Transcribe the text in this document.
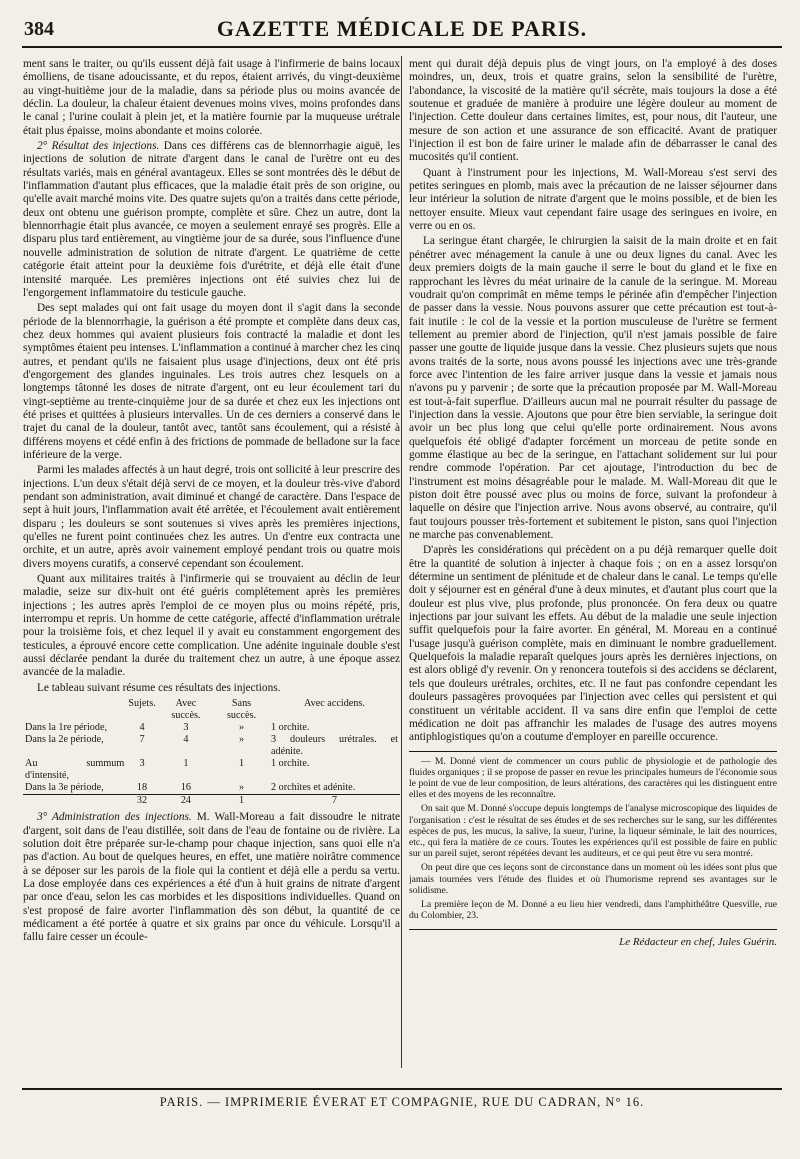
384	GAZETTE MÉDICALE DE PARIS.

ment sans le traiter, ou qu'ils eussent déjà fait usage à l'infirmerie de bains locaux émolliens, de tisane adoucissante, et du repos, étaient arrivés, du vingt-deuxième au vingt-huitième jour de la maladie, dans sa période plus ou moins avancée de déclin. La douleur, la chaleur étaient devenues moins vives, moins profondes dans le canal ; l'urine coulait à plein jet, et la matière fournie par la muqueuse urétrale était plus épaisse, moins abondante et moins colorée.

2° Résultat des injections. Dans ces différens cas de blennorrhagie aiguë, les injections de solution de nitrate d'argent dans le canal de l'urètre ont eu des résultats variés, mais en général avantageux. Elles se sont montrées dès le début de l'inflammation d'autant plus efficaces, que la maladie était près de son origine, ou qu'elle avait marché moins vite. Des quatre sujets qu'on a traités dans cette période, deux ont obtenu une guérison prompte, complète et sûre. Chez un autre, dont la blennorrhagie était plus avancée, ce moyen a seulement enrayé ses progrès. Elle a disparu plus tard entièrement, au vingtième jour de sa durée, sous l'influence d'une nouvelle administration de solution de nitrate d'argent. Le quatrième de cette catégorie était atteint pour la deuxième fois d'urétrite, et déjà elle était d'une intensité marquée. Les premières injections ont été suivies chez lui de l'engorgement inflammatoire du testicule gauche.

Des sept malades qui ont fait usage du moyen dont il s'agit dans la seconde période de la blennorrhagie, la guérison a été prompte et complète dans deux cas, chez deux hommes qui avaient plusieurs fois contracté la maladie et dont les symptômes étaient peu intenses. L'inflammation a continué à marcher chez les cinq autres, et pendant qu'ils ne faisaient plus usage d'injections, deux ont été pris d'engorgement des glandes inguinales. Les trois autres chez lesquels on a longtemps tâtonné les doses de nitrate d'argent, ont eu leur écoulement tari du vingt-septième au trente-cinquième jour de sa durée et chez eux les injections ont été prises et quittées à plusieurs intervalles. Un de ces derniers a conservé dans le trajet du canal de la douleur, tantôt avec, tantôt sans écoulement, qui a résisté à différens moyens et cédé enfin à des frictions de pommade de belladone sur la face inférieure de la verge.

Parmi les malades affectés à un haut degré, trois ont sollicité à leur prescrire des injections. L'un deux s'était déjà servi de ce moyen, et la douleur très-vive d'abord pendant son administration, avait diminué et changé de caractère. Dans l'espace de sept à huit jours, l'inflammation avait été arrêtée, et l'écoulement avait entièrement disparu ; les douleurs se sont soutenues si vives après les premières injections, qu'elles ne furent point continuées chez les autres. Un d'entre eux contracta une orchite, et un autre, après avoir vainement employé pendant trois ou quatre mois divers moyens curatifs, a conservé cependant son écoulement.

Quant aux militaires traités à l'infirmerie qui se trouvaient au déclin de leur maladie, seize sur dix-huit ont été guéris complétement après les premières injections ; les autres après l'emploi de ce moyen plus ou moins répété, pris, interrompu et repris. Un homme de cette catégorie, affecté d'inflammation urétrale pour la troisième fois, et chez lequel il y avait eu constamment engorgement des testicules, a éprouvé encore cette complication. Une adénite inguinale double s'est aussi déclarée pendant la durée du traitement chez un autre, à une époque assez avancée de la maladie.

Le tableau suivant résume ces résultats des injections.

	Sujets.	Avec succès.	Sans succès.	Avec accidens.
Dans la 1re période,	4	3	»	1 orchite.
Dans la 2e période,	7	4	»	3 douleurs urétrales. et adénite.
Au summum d'intensité,	3	1	1	1 orchite.
Dans la 3e période,	18	16	»	2 orchites et adénite.
	32	24	1	7

3° Administration des injections. M. Wall-Moreau a fait dissoudre le nitrate d'argent, soit dans de l'eau distillée, soit dans de l'eau de fontaine ou de rivière. La solution doit être préparée sur-le-champ pour chaque injection, sans quoi elle n'a pas d'action. Au bout de quelques heures, en effet, une matière noirâtre commence à se déposer sur les parois de la fiole qui la contient et déjà elle a perdu sa vertu. La dose employée dans ces expériences a été d'un à huit grains de nitrate d'argent par once d'eau, selon les cas morbides et les dispositions individuelles. Quand on s'est proposé de faire avorter l'inflammation dès son début, la quantité de ce médicament a été portée à quatre et six grains par once du véhicule. Lorsqu'il a fallu faire cesser un écoule-

ment qui durait déjà depuis plus de vingt jours, on l'a employé à des doses moindres, un, deux, trois et quatre grains, selon la sensibilité de l'urètre, l'abondance, la viscosité de la matière qu'il sécrète, mais toujours la dose a été soutenue et graduée de manière à produire une légère douleur au moment de l'injection. Cette douleur dans certaines limites, est, pour nous, dit l'auteur, une mesure de son action et une assurance de son efficacité. Avant de pratiquer l'injection il est bon de faire uriner le malade afin de débarrasser le canal des mucosités qu'il contient.

Quant à l'instrument pour les injections, M. Wall-Moreau s'est servi des petites seringues en plomb, mais avec la précaution de ne laisser séjourner dans leur intérieur la solution de nitrate d'argent que le moins possible, et de bien les nettoyer ensuite. Mieux vaut cependant faire usage des seringues en ivoire, en verre ou en os.

La seringue étant chargée, le chirurgien la saisit de la main droite et en fait pénétrer avec ménagement la canule à une ou deux lignes du canal. Avec les deux premiers doigts de la main gauche il serre le bout du gland et le fixe en rapprochant les lèvres du méat urinaire de la canule de la seringue. M. Moreau voudrait qu'on comprimât en même temps le périnée afin d'empêcher l'injection de passer dans la vessie. Nous pouvons assurer que cette précaution est tout-à-fait inutile : le col de la vessie et la portion musculeuse de l'urètre se ferment tellement au premier abord de l'injection, qu'il n'est jamais possible de faire passer une goutte de liquide jusque dans la vessie. Chez plusieurs sujets que nous avons traités de la sorte, nous avons poussé les injections avec une très-grande force avec l'intention de les faire arriver jusque dans la vessie et jamais nous n'avons pu y parvenir ; de sorte que la précaution proposée par M. Wall-Moreau est tout-à-fait superflue. D'ailleurs aucun mal ne pourrait résulter du passage de l'injection dans la vessie. Ajoutons que pour être bien serviable, la seringue doit avoir un bec plus long que celui qu'elle porte ordinairement. Nous avons quelquefois été obligé d'adapter forcément un morceau de petite sonde en gomme élastique au bec de la seringue, en l'attachant solidement sur lui pour rendre commode l'opération. Par cet ajoutage, l'introduction du bec de l'instrument est moins désagréable pour le malade. M. Wall-Moreau dit que le piston doit être poussé avec plus ou moins de force, suivant la profondeur à laquelle on désire que l'injection arrive. Nous avons observé, au contraire, qu'il faut toujours pousser très-fortement et subitement le piston, sans quoi l'injection ne marche pas convenablement.

D'après les considérations qui précèdent on a pu déjà remarquer quelle doit être la quantité de solution à injecter à chaque fois ; on en a assez lorsqu'on détermine un sentiment de plénitude et de chaleur dans le canal. Le temps qu'elle doit y séjourner est en général d'une à deux minutes, et d'autant plus court que la douleur est plus vive, plus profonde, plus prononcée. On fera deux ou quatre injections par jour suivant les effets. Au début de la maladie une seule injection suffit quelquefois pour la faire avorter. En général, M. Moreau en a continué l'usage jusqu'à guérison complète, mais en diminuant le nombre graduellement. Quelquefois la maladie reparaît quelques jours après les dernières injections, on est alors obligé d'y revenir. On y renoncera toutefois si des accidens se déclarent, tels que douleurs urétrales, orchites, etc. Il ne faut pas confondre cependant les douleurs passagères provoquées par l'injection avec celles qui persistent et qui constituent un véritable accident. Il va sans dire enfin que l'emploi de cette médication ne doit pas affranchir les malades de l'usage des autres moyens antiphlogistiques qu'on a coutume d'employer en pareille occurence.

— M. Donné vient de commencer un cours public de physiologie et de pathologie des fluides organiques ; il se propose de passer en revue les principales humeurs de l'économie sous le point de vue de leur composition, de leurs altérations, des caractères qui les distinguent entre elles et des moyens de les reconnaître.

On sait que M. Donné s'occupe depuis longtemps de l'analyse microscopique des liquides de l'organisation : c'est le résultat de ses études et de ses recherches sur le sang, sur les différentes espèces de pus, les mucus, la salive, la sueur, l'urine, la liqueur séminale, le lait des nourrices, etc., qui fera la matière de ce cours. Toutes les expériences qu'il est possible de faire en public sur un pareil sujet, seront répétées devant les auditeurs, et ce qui peut être vu sera montré.

On peut dire que ces leçons sont de circonstance dans un moment où les idées sont plus que jamais tournées vers l'étude des fluides et où l'humorisme reprend ses avantages sur le solidisme.

La première leçon de M. Donné a eu lieu hier vendredi, dans l'amphithéâtre Quesville, rue du Colombier, 23.

Le Rédacteur en chef, Jules Guérin.
PARIS. — IMPRIMERIE ÉVERAT ET COMPAGNIE, RUE DU CADRAN, N° 16.
